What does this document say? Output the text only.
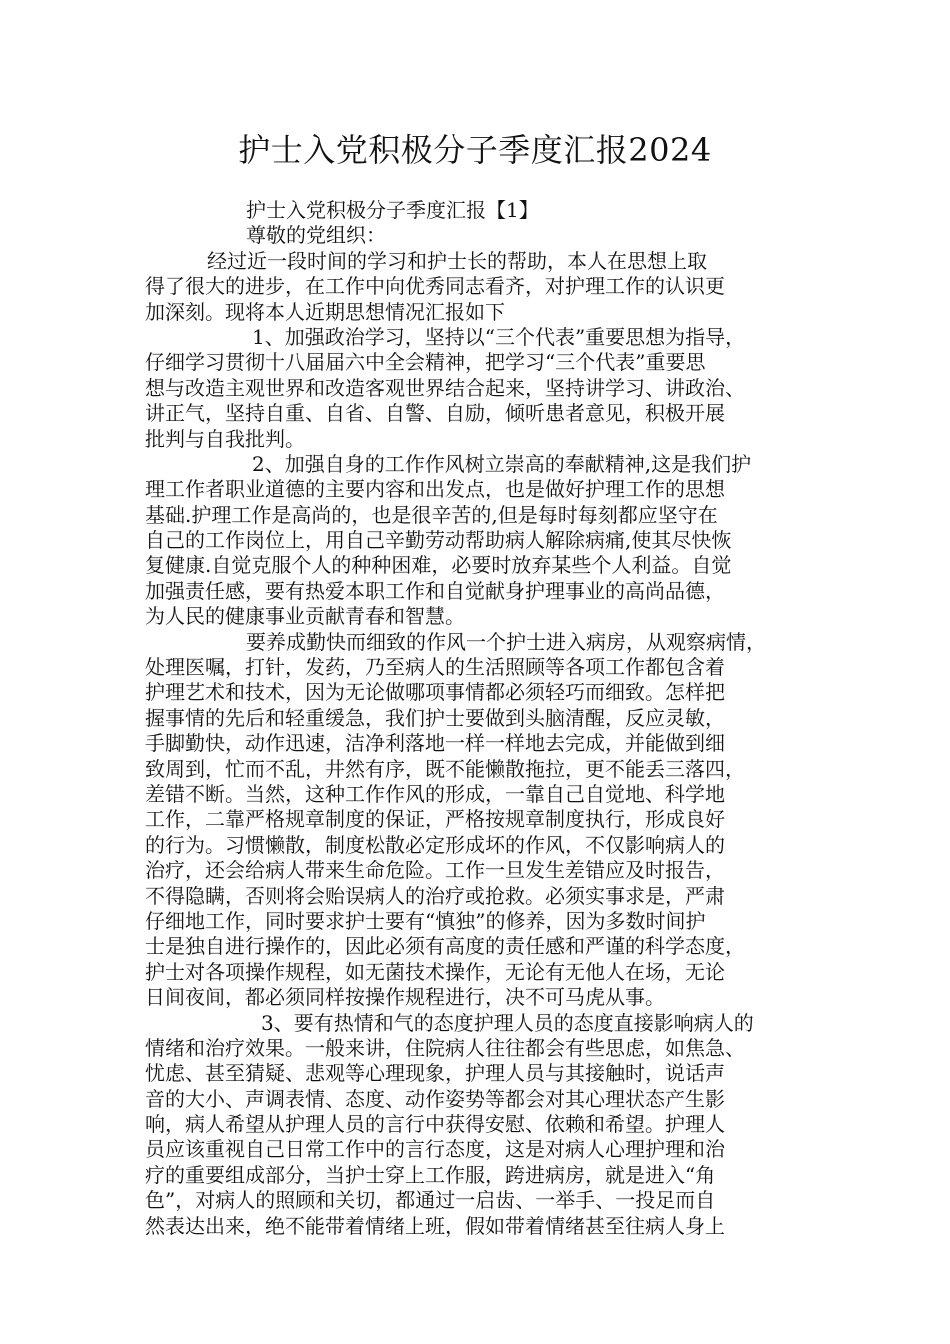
护士入党积极分子季度汇报2024
护士入党积极分子季度汇报【1】
尊敬的党组织：
经过近一段时间的学习和护士长的帮助，本人在思想上取
得了很大的进步，在工作中向优秀同志看齐，对护理工作的认识更
加深刻。现将本人近期思想情况汇报如下
1、加强政治学习，坚持以“三个代表”重要思想为指导，
仔细学习贯彻十八届届六中全会精神，把学习“三个代表”重要思
想与改造主观世界和改造客观世界结合起来，坚持讲学习、讲政治、
讲正气，坚持自重、自省、自警、自励，倾听患者意见，积极开展
批判与自我批判。
2、加强自身的工作作风树立崇高的奉献精神,这是我们护
理工作者职业道德的主要内容和出发点，也是做好护理工作的思想
基础.护理工作是高尚的，也是很辛苦的,但是每时每刻都应坚守在
自己的工作岗位上，用自己辛勤劳动帮助病人解除病痛,使其尽快恢
复健康.自觉克服个人的种种困难，必要时放弃某些个人利益。自觉
加强责任感，要有热爱本职工作和自觉献身护理事业的高尚品德，
为人民的健康事业贡献青春和智慧。
要养成勤快而细致的作风一个护士进入病房，从观察病情，
处理医嘱，打针，发药，乃至病人的生活照顾等各项工作都包含着
护理艺术和技术，因为无论做哪项事情都必须轻巧而细致。怎样把
握事情的先后和轻重缓急，我们护士要做到头脑清醒，反应灵敏，
手脚勤快，动作迅速，洁净利落地一样一样地去完成，并能做到细
致周到，忙而不乱，井然有序，既不能懒散拖拉，更不能丢三落四，
差错不断。当然，这种工作作风的形成，一靠自己自觉地、科学地
工作，二靠严格规章制度的保证，严格按规章制度执行，形成良好
的行为。习惯懒散，制度松散必定形成坏的作风，不仅影响病人的
治疗，还会给病人带来生命危险。工作一旦发生差错应及时报告，
不得隐瞒，否则将会贻误病人的治疗或抢救。必须实事求是，严肃
仔细地工作，同时要求护士要有“慎独”的修养，因为多数时间护
士是独自进行操作的，因此必须有高度的责任感和严谨的科学态度，
护士对各项操作规程，如无菌技术操作，无论有无他人在场，无论
日间夜间，都必须同样按操作规程进行，决不可马虎从事。
3、要有热情和气的态度护理人员的态度直接影响病人的
情绪和治疗效果。一般来讲，住院病人往往都会有些思虑，如焦急、
忧虑、甚至猜疑、悲观等心理现象，护理人员与其接触时，说话声
音的大小、声调表情、态度、动作姿势等都会对其心理状态产生影
响，病人希望从护理人员的言行中获得安慰、依赖和希望。护理人
员应该重视自己日常工作中的言行态度，这是对病人心理护理和治
疗的重要组成部分，当护士穿上工作服，跨进病房，就是进入“角
色”，对病人的照顾和关切，都通过一启齿、一举手、一投足而自
然表达出来，绝不能带着情绪上班，假如带着情绪甚至往病人身上
